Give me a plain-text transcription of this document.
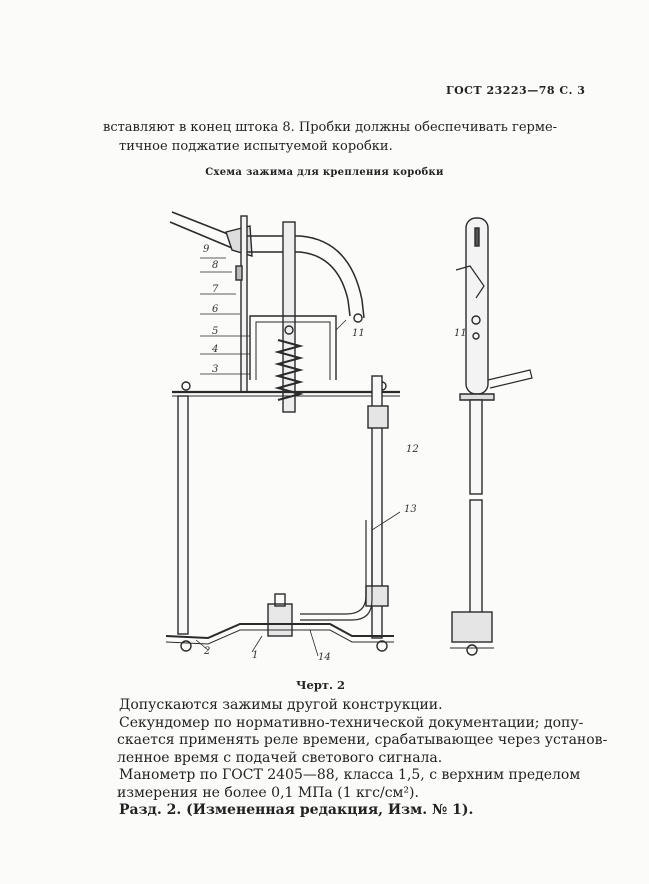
ГОСТ 23223—78 С. 3
вставляют в конец штока 8. Пробки должны обеспечивать герме-
тичное поджатие испытуемой коробки.
Схема зажима для крепления коробки
9
8
7
6
5
4
3
11
12
13
2	1	14
11
Черт. 2
Допускаются зажимы другой конструкции.
Секундомер по нормативно-технической документации; допу-
скается применять реле времени, срабатывающее через установ-
ленное время с подачей светового сигнала.
Манометр по ГОСТ 2405—88, класса 1,5, с верхним пределом
измерения не более 0,1 МПа (1 кгс/см²).
Разд. 2. (Измененная редакция, Изм. № 1).
